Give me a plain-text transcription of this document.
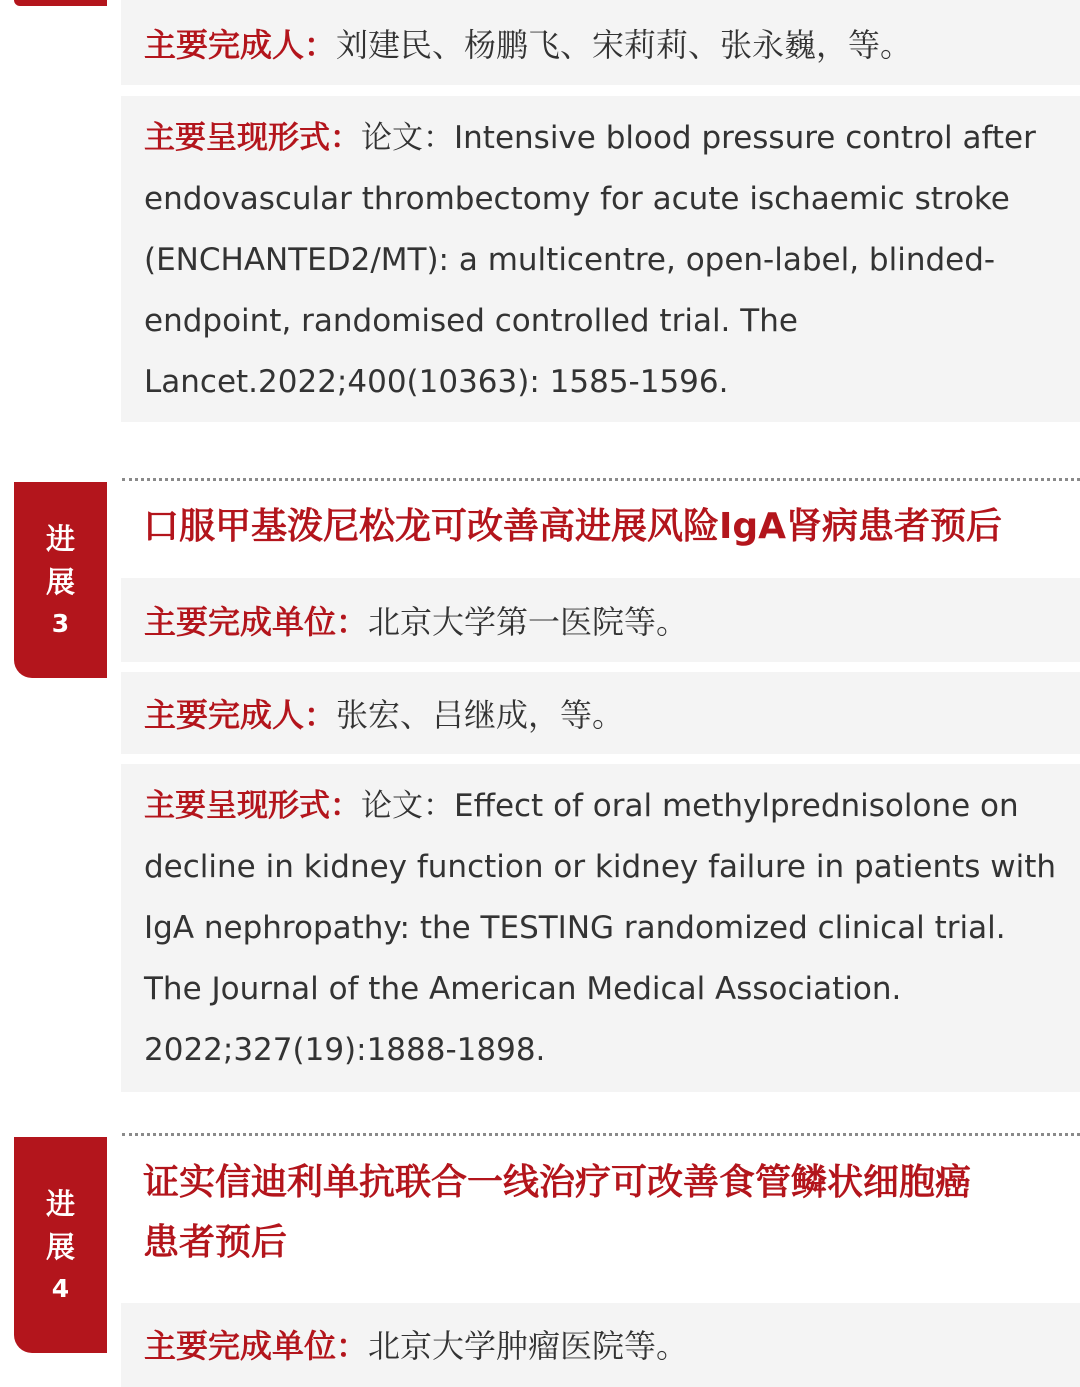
主要完成人：刘建民、杨鹏飞、宋莉莉、张永巍，等。

主要呈现形式：论文：Intensive blood pressure control after endovascular thrombectomy for acute ischaemic stroke (ENCHANTED2/MT): a multicentre, open-label, blinded-endpoint, randomised controlled trial. The Lancet.2022;400(10363): 1585-1596.

进
展
3
口服甲基泼尼松龙可改善高进展风险IgA肾病患者预后

主要完成单位：北京大学第一医院等。

主要完成人：张宏、吕继成，等。

主要呈现形式：论文：Effect of oral methylprednisolone on decline in kidney function or kidney failure in patients with IgA nephropathy: the TESTING randomized clinical trial. The Journal of the American Medical Association. 2022;327(19):1888-1898.

进
展
4
证实信迪利单抗联合一线治疗可改善食管鳞状细胞癌
患者预后

主要完成单位：北京大学肿瘤医院等。
